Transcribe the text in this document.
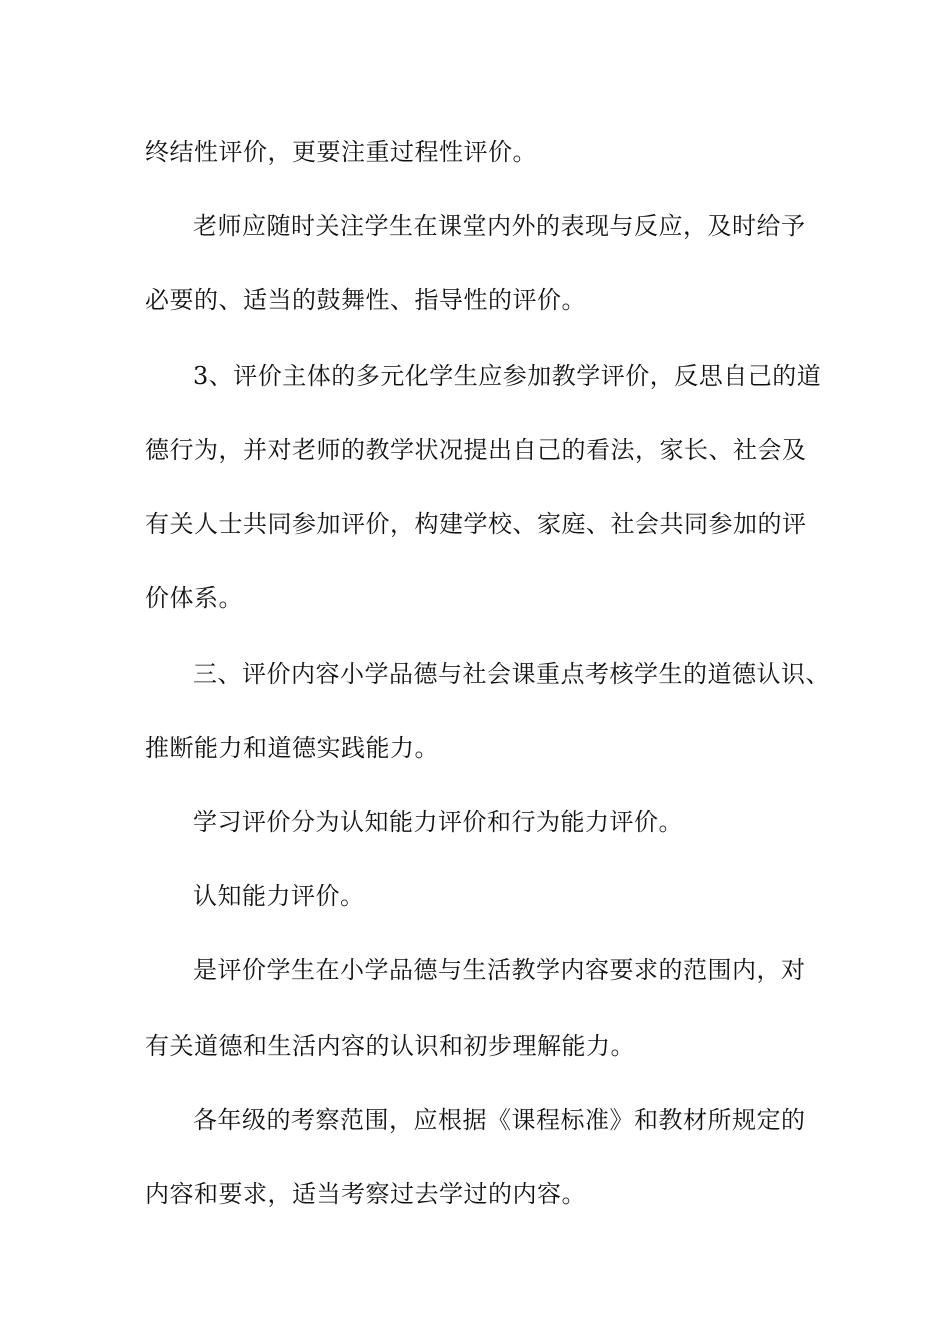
终结性评价，更要注重过程性评价。
老师应随时关注学生在课堂内外的表现与反应，及时给予
必要的、适当的鼓舞性、指导性的评价。
3、评价主体的多元化学生应参加教学评价，反思自己的道
德行为，并对老师的教学状况提出自己的看法，家长、社会及
有关人士共同参加评价，构建学校、家庭、社会共同参加的评
价体系。
三、评价内容小学品德与社会课重点考核学生的道德认识、
推断能力和道德实践能力。
学习评价分为认知能力评价和行为能力评价。
认知能力评价。
是评价学生在小学品德与生活教学内容要求的范围内，对
有关道德和生活内容的认识和初步理解能力。
各年级的考察范围，应根据《课程标准》和教材所规定的
内容和要求，适当考察过去学过的内容。
